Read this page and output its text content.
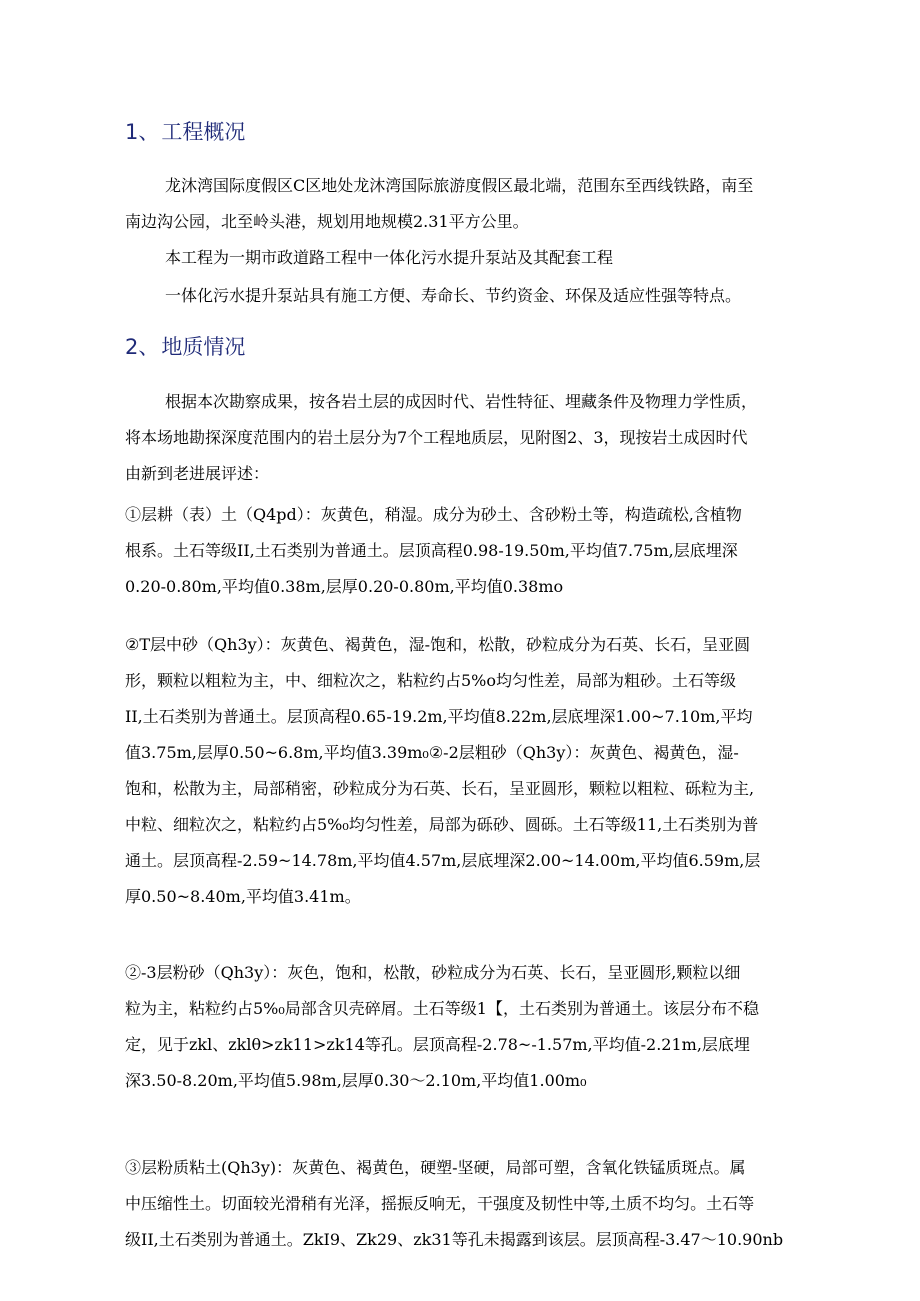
1、工程概况
龙沐湾国际度假区C区地处龙沐湾国际旅游度假区最北端，范围东至西线铁路，南至
南边沟公园，北至岭头港，规划用地规模2.31平方公里。
本工程为一期市政道路工程中一体化污水提升泵站及其配套工程
一体化污水提升泵站具有施工方便、寿命长、节约资金、环保及适应性强等特点。
2、地质情况
根据本次勘察成果，按各岩土层的成因时代、岩性特征、埋藏条件及物理力学性质，
将本场地勘探深度范围内的岩土层分为7个工程地质层，见附图2、3，现按岩土成因时代
由新到老进展评述：
①层耕（表）土（Q4pd）：灰黄色，稍湿。成分为砂土、含砂粉土等，构造疏松,含植物
根系。土石等级II,土石类别为普通土。层顶高程0.98-19.50m,平均值7.75m,层底埋深
0.20-0.80m,平均值0.38m,层厚0.20-0.80m,平均值0.38mo
②T层中砂（Qh3y）：灰黄色、褐黄色，湿-饱和，松散，砂粒成分为石英、长石，呈亚圆
形，颗粒以粗粒为主，中、细粒次之，粘粒约占5%o均匀性差，局部为粗砂。土石等级
II,土石类别为普通土。层顶高程0.65-19.2m,平均值8.22m,层底埋深1.00~7.10m,平均
值3.75m,层厚0.50~6.8m,平均值3.39m₀②-2层粗砂（Qh3y）：灰黄色、褐黄色，湿-
饱和，松散为主，局部稍密，砂粒成分为石英、长石，呈亚圆形，颗粒以粗粒、砾粒为主,
中粒、细粒次之，粘粒约占5%₀均匀性差，局部为砾砂、圆砾。土石等级11,土石类别为普
通土。层顶高程-2.59~14.78m,平均值4.57m,层底埋深2.00~14.00m,平均值6.59m,层
厚0.50~8.40m,平均值3.41m。
②-3层粉砂（Qh3y）：灰色，饱和，松散，砂粒成分为石英、长石，呈亚圆形,颗粒以细
粒为主，粘粒约占5%₀局部含贝壳碎屑。土石等级1【，土石类别为普通土。该层分布不稳
定，见于zkl、zklθ>zk11>zk14等孔。层顶高程-2.78~-1.57m,平均值-2.21m,层底埋
深3.50-8.20m,平均值5.98m,层厚0.30～2.10m,平均值1.00m₀
③层粉质粘土(Qh3y)：灰黄色、褐黄色，硬塑-坚硬，局部可塑，含氧化铁锰质斑点。属
中压缩性土。切面较光滑稍有光泽，摇振反响无，干强度及韧性中等,土质不均匀。土石等
级II,土石类别为普通土。ZkI9、Zk29、zk31等孔未揭露到该层。层顶高程-3.47～10.90nb
